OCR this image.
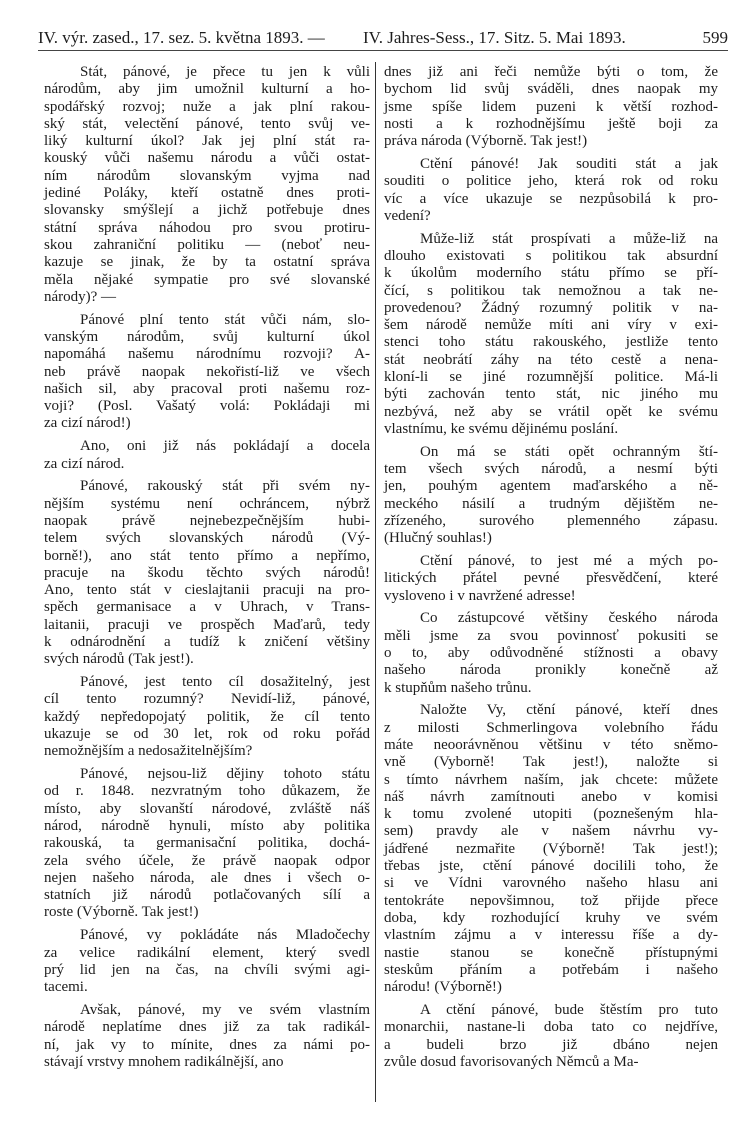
IV. výr. zased., 17. sez. 5. května 1893. — IV. Jahres-Sess., 17. Sitz. 5. Mai 1893.	599
Stát, pánové, je přece tu jen k vůli
národům, aby jim umožnil kulturní a ho-
spodářský rozvoj; nuže a jak plní rakou-
ský stát, velectění pánové, tento svůj ve-
liký kulturní úkol? Jak jej plní stát ra-
kouský vůči našemu národu a vůči ostat-
ním národům slovanským vyjma nad
jediné Poláky, kteří ostatně dnes proti-
slovansky smýšlejí a jichž potřebuje dnes
státní správa náhodou pro svou protiru-
skou zahraniční politiku — (neboť neu-
kazuje se jinak, že by ta ostatní správa
měla nějaké sympatie pro své slovanské
národy)? —
Pánové plní tento stát vůči nám, slo-
vanským národům, svůj kulturní úkol
napomáhá našemu národnímu rozvoji? A-
neb právě naopak nekořistí-liž ve všech
našich sil, aby pracoval proti našemu roz-
voji? (Posl. Vašatý volá: Pokládaji mi
za cizí národ!)
Ano, oni již nás pokládají a docela
za cizí národ.
Pánové, rakouský stát při svém ny-
nějším systému není ochráncem, nýbrž
naopak právě nejnebezpečnějším hubi-
telem svých slovanských národů (Vý-
borně!), ano stát tento přímo a nepřímo,
pracuje na škodu těchto svých národů!
Ano, tento stát v cieslajtanii pracuji na pro-
spěch germanisace a v Uhrach, v Trans-
laitanii, pracuji ve prospěch Maďarů, tedy
k odnárodnění a tudíž k zničení většiny
svých národů (Tak jest!).
Pánové, jest tento cíl dosažitelný, jest
cíl tento rozumný? Nevidí-liž, pánové,
každý nepředopojatý politik, že cíl tento
ukazuje se od 30 let, rok od roku pořád
nemožnějším a nedosažitelnějším?
Pánové, nejsou-liž dějiny tohoto státu
od r. 1848. nezvratným toho důkazem, že
místo, aby slovanští národové, zvláště náš
národ, národně hynuli, místo aby politika
rakouská, ta germanisační politika, dochá-
zela svého účele, že právě naopak odpor
nejen našeho národa, ale dnes i všech o-
statních již národů potlačovaných sílí a
roste (Výborně. Tak jest!)
Pánové, vy pokládáte nás Mladočechy
za velice radikální element, který svedl
prý lid jen na čas, na chvíli svými agi-
tacemi.
Avšak, pánové, my ve svém vlastním
národě neplatíme dnes již za tak radikál-
ní, jak vy to mínite, dnes za námi po-
stávají vrstvy mnohem radikálnější, ano
dnes již ani řeči nemůže býti o tom, že
bychom lid svůj sváděli, dnes naopak my
jsme spíše lidem puzeni k větší rozhod-
nosti a k rozhodnějšímu ještě boji za
práva národa (Výborně. Tak jest!)
Ctění pánové! Jak souditi stát a jak
souditi o politice jeho, která rok od roku
víc a více ukazuje se nezpůsobilá k pro-
vedení?
Může-liž stát prospívati a může-liž na
dlouho existovati s politikou tak absurdní
k úkolům moderního státu přímo se pří-
čící, s politikou tak nemožnou a tak ne-
provedenou? Žádný rozumný politik v na-
šem národě nemůže míti ani víry v exi-
stenci toho státu rakouského, jestliže tento
stát neobrátí záhy na této cestě a nena-
kloní-li se jiné rozumnější politice. Má-li
býti zachován tento stát, nic jiného mu
nezbývá, než aby se vrátil opět ke svému
vlastnímu, ke svému dějinému poslání.
On má se státi opět ochranným ští-
tem všech svých národů, a nesmí býti
jen, pouhým agentem maďarského a ně-
meckého násilí a trudným dějištěm ne-
zřízeného, surového plemenného zápasu.
(Hlučný souhlas!)
Ctění pánové, to jest mé a mých po-
litických přátel pevné přesvědčení, které
vysloveno i v navržené adresse!
Co zástupcové většiny českého národa
měli jsme za svou povinnosť pokusiti se
o to, aby odůvodněné stížnosti a obavy
našeho národa pronikly konečně až
k stupňům našeho trůnu.
Naložte Vy, ctění pánové, kteří dnes
z milosti Schmerlingova volebního řádu
máte neoorávněnou většinu v této sněmo-
vně (Vyborně! Tak jest!), naložte si
s tímto návrhem naším, jak chcete: můžete
náš návrh zamítnouti anebo v komisi
k tomu zvolené utopiti (poznešeným hla-
sem) pravdy ale v našem návrhu vy-
jádřené nezmařite (Výborně! Tak jest!);
třebas jste, ctění pánové docilili toho, že
si ve Vídni varovného našeho hlasu ani
tentokráte nepovšimnou, tož přijde přece
doba, kdy rozhodující kruhy ve svém
vlastním zájmu a v interessu říše a dy-
nastie stanou se konečně přístupnými
steskům přáním a potřebám i našeho
národu! (Výborně!)
A ctění pánové, bude štěstím pro tuto
monarchii, nastane-li doba tato co nejdříve,
a budeli brzo již dbáno nejen
zvůle dosud favorisovaných Němců a Ma-
